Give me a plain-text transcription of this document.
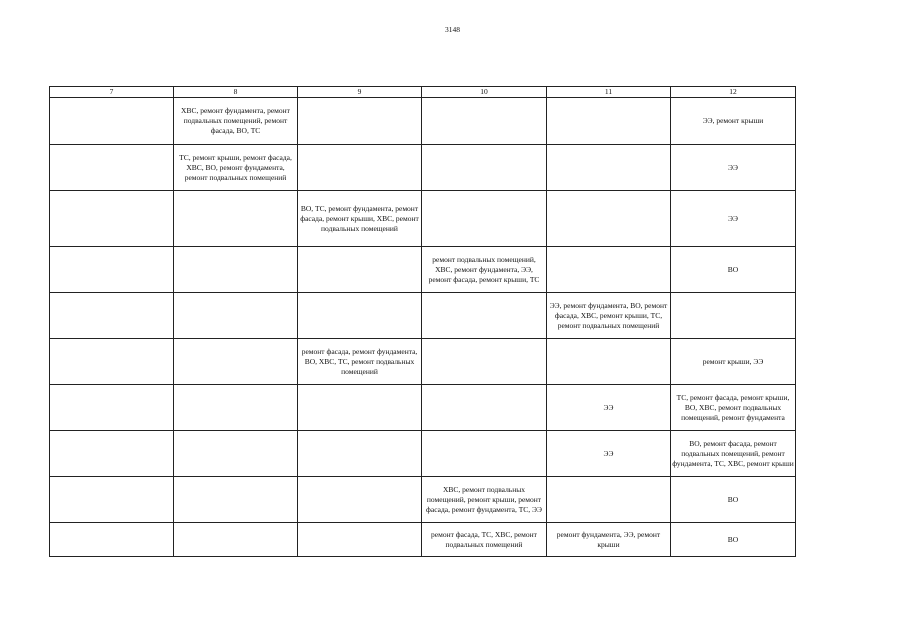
3148
7	8	9	10	11	12
	ХВС, ремонт фундамента, ремонт подвальных помещений, ремонт фасада, ВО, ТС				ЭЭ, ремонт крыши
	ТС, ремонт крыши, ремонт фасада, ХВС, ВО, ремонт фундамента, ремонт подвальных помещений				ЭЭ
		ВО, ТС, ремонт фундамента, ремонт фасада, ремонт крыши, ХВС, ремонт подвальных помещений			ЭЭ
			ремонт подвальных помещений, ХВС, ремонт фундамента, ЭЭ, ремонт фасада, ремонт крыши, ТС		ВО
				ЭЭ, ремонт фундамента, ВО, ремонт фасада, ХВС, ремонт крыши, ТС, ремонт подвальных помещений	
		ремонт фасада, ремонт фундамента, ВО, ХВС, ТС, ремонт подвальных помещений			ремонт крыши, ЭЭ
				ЭЭ	ТС, ремонт фасада, ремонт крыши, ВО, ХВС, ремонт подвальных помещений, ремонт фундамента
				ЭЭ	ВО, ремонт фасада, ремонт подвальных помещений, ремонт фундамента, ТС, ХВС, ремонт крыши
			ХВС, ремонт подвальных помещений, ремонт крыши, ремонт фасада, ремонт фундамента, ТС, ЭЭ		ВО
			ремонт фасада, ТС, ХВС, ремонт подвальных помещений	ремонт фундамента, ЭЭ, ремонт крыши	ВО
